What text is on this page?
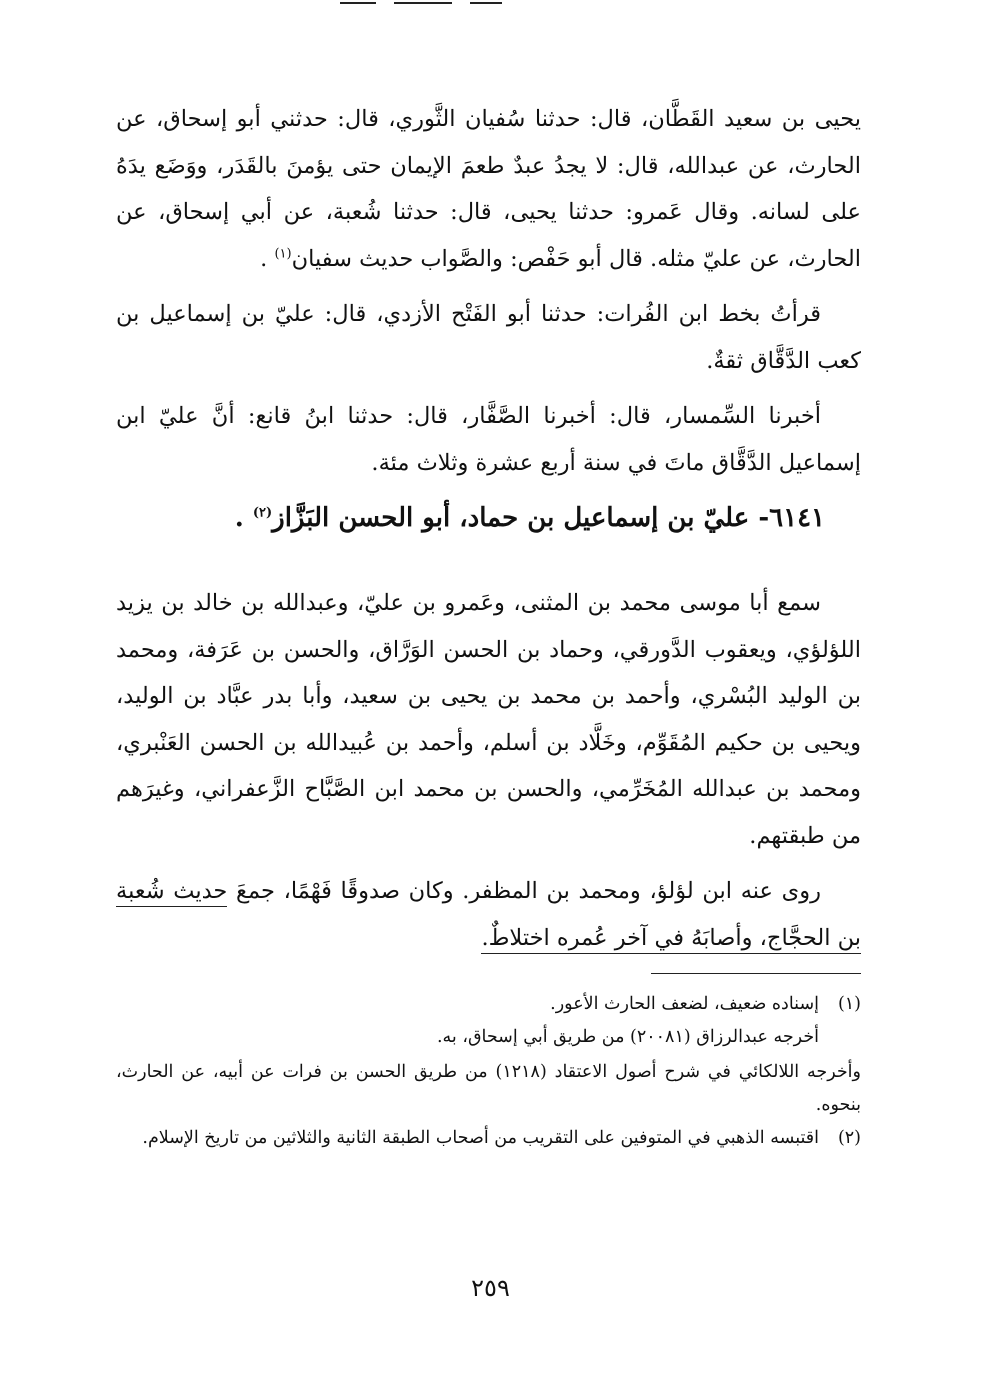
يحيى بن سعيد القَطَّان، قال: حدثنا سُفيان الثَّوري، قال: حدثني أبو إسحاق، عن الحارث، عن عبدالله، قال: لا يجدُ عبدٌ طعمَ الإيمان حتى يؤمنَ بالقَدَر، ووَضَع يدَهُ على لسانه. وقال عَمرو: حدثنا يحيى، قال: حدثنا شُعبة، عن أبي إسحاق، عن الحارث، عن عليّ مثله. قال أبو حَفْص: والصَّواب حديث سفيان$^{(١)}$ .

قرأتُ بخط ابن الفُرات: حدثنا أبو الفَتْح الأزدي، قال: عليّ بن إسماعيل بن كعب الدَّقَّاق ثقةٌ.

أخبرنا السِّمسار، قال: أخبرنا الصَّفَّار، قال: حدثنا ابنُ قانع: أنَّ عليّ ابن إسماعيل الدَّقَّاق ماتَ في سنة أربع عشرة وثلاث مئة.

٦١٤١- عليّ بن إسماعيل بن حماد، أبو الحسن البَزَّاز$^{(٢)}$ .

سمع أبا موسى محمد بن المثنى، وعَمرو بن عليّ، وعبدالله بن خالد بن يزيد اللؤلؤي، ويعقوب الدَّورقي، وحماد بن الحسن الوَرَّاق، والحسن بن عَرَفة، ومحمد بن الوليد البُسْري، وأحمد بن محمد بن يحيى بن سعيد، وأبا بدر عبَّاد بن الوليد، ويحيى بن حكيم المُقَوِّم، وخَلَّاد بن أسلم، وأحمد بن عُبيدالله بن الحسن العَنْبري، ومحمد بن عبدالله المُخَرِّمي، والحسن بن محمد ابن الصَّبَّاح الزَّعفراني، وغيرَهم من طبقتهم.

روى عنه ابن لؤلؤ، ومحمد بن المظفر. وكان صدوقًا فَهْمًا، جمعَ حديث شُعبة بن الحجَّاج، وأصابَهُ في آخر عُمره اختلاطٌ.

(١)

إسناده ضعيف، لضعف الحارث الأعور.

أخرجه عبدالرزاق (٢٠٠٨١) من طريق أبي إسحاق، به.

وأخرجه اللالكائي في شرح أصول الاعتقاد (١٢١٨) من طريق الحسن بن فرات عن أبيه، عن الحارث، بنحوه.

(٢)
اقتبسه الذهبي في المتوفين على التقريب من أصحاب الطبقة الثانية والثلاثين من تاريخ الإسلام.
٢٥٩
